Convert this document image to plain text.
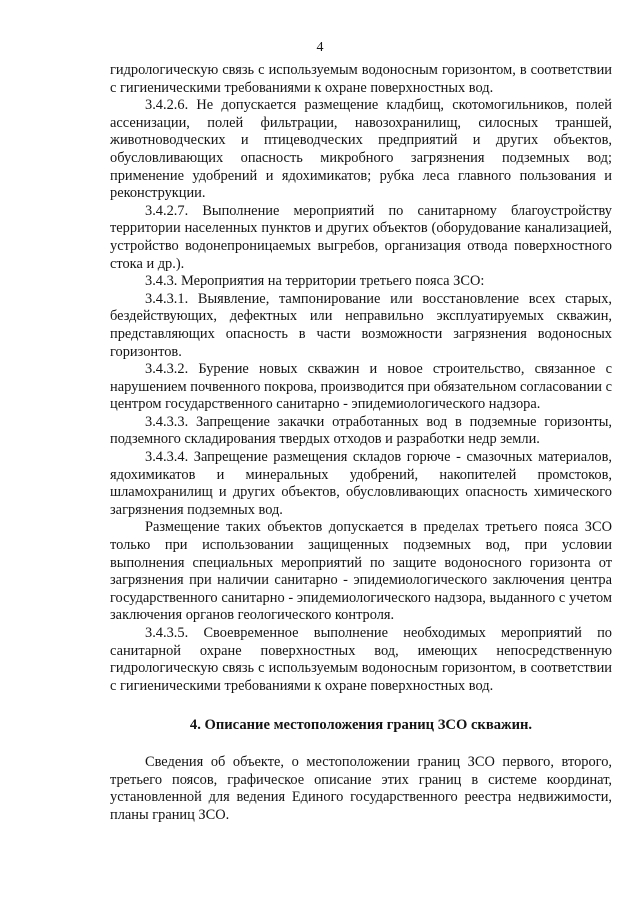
4

гидрологическую связь с используемым водоносным горизонтом, в соответствии с гигиеническими требованиями к охране поверхностных вод.

3.4.2.6. Не допускается размещение кладбищ, скотомогильников, полей ассенизации, полей фильтрации, навозохранилищ, силосных траншей, животноводческих и птицеводческих предприятий и других объектов, обусловливающих опасность микробного загрязнения подземных вод; применение удобрений и ядохимикатов; рубка леса главного пользования и реконструкции.

3.4.2.7. Выполнение мероприятий по санитарному благоустройству территории населенных пунктов и других объектов (оборудование канализацией, устройство водонепроницаемых выгребов, организация отвода поверхностного стока и др.).

3.4.3. Мероприятия на территории третьего пояса ЗСО:

3.4.3.1. Выявление, тампонирование или восстановление всех старых, бездействующих, дефектных или неправильно эксплуатируемых скважин, представляющих опасность в части возможности загрязнения водоносных горизонтов.

3.4.3.2. Бурение новых скважин и новое строительство, связанное с нарушением почвенного покрова, производится при обязательном согласовании с центром государственного санитарно - эпидемиологического надзора.

3.4.3.3. Запрещение закачки отработанных вод в подземные горизонты, подземного складирования твердых отходов и разработки недр земли.

3.4.3.4. Запрещение размещения складов горюче - смазочных материалов, ядохимикатов и минеральных удобрений, накопителей промстоков, шламохранилищ и других объектов, обусловливающих опасность химического загрязнения подземных вод.

Размещение таких объектов допускается в пределах третьего пояса ЗСО только при использовании защищенных подземных вод, при условии выполнения специальных мероприятий по защите водоносного горизонта от загрязнения при наличии санитарно - эпидемиологического заключения центра государственного санитарно - эпидемиологического надзора, выданного с учетом заключения органов геологического контроля.

3.4.3.5. Своевременное выполнение необходимых мероприятий по санитарной охране поверхностных вод, имеющих непосредственную гидрологическую связь с используемым водоносным горизонтом, в соответствии с гигиеническими требованиями к охране поверхностных вод.

4. Описание местоположения границ ЗСО скважин.

Сведения об объекте, о местоположении границ ЗСО первого, второго, третьего поясов, графическое описание этих границ в системе координат, установленной для ведения Единого государственного реестра недвижимости, планы границ ЗСО.
